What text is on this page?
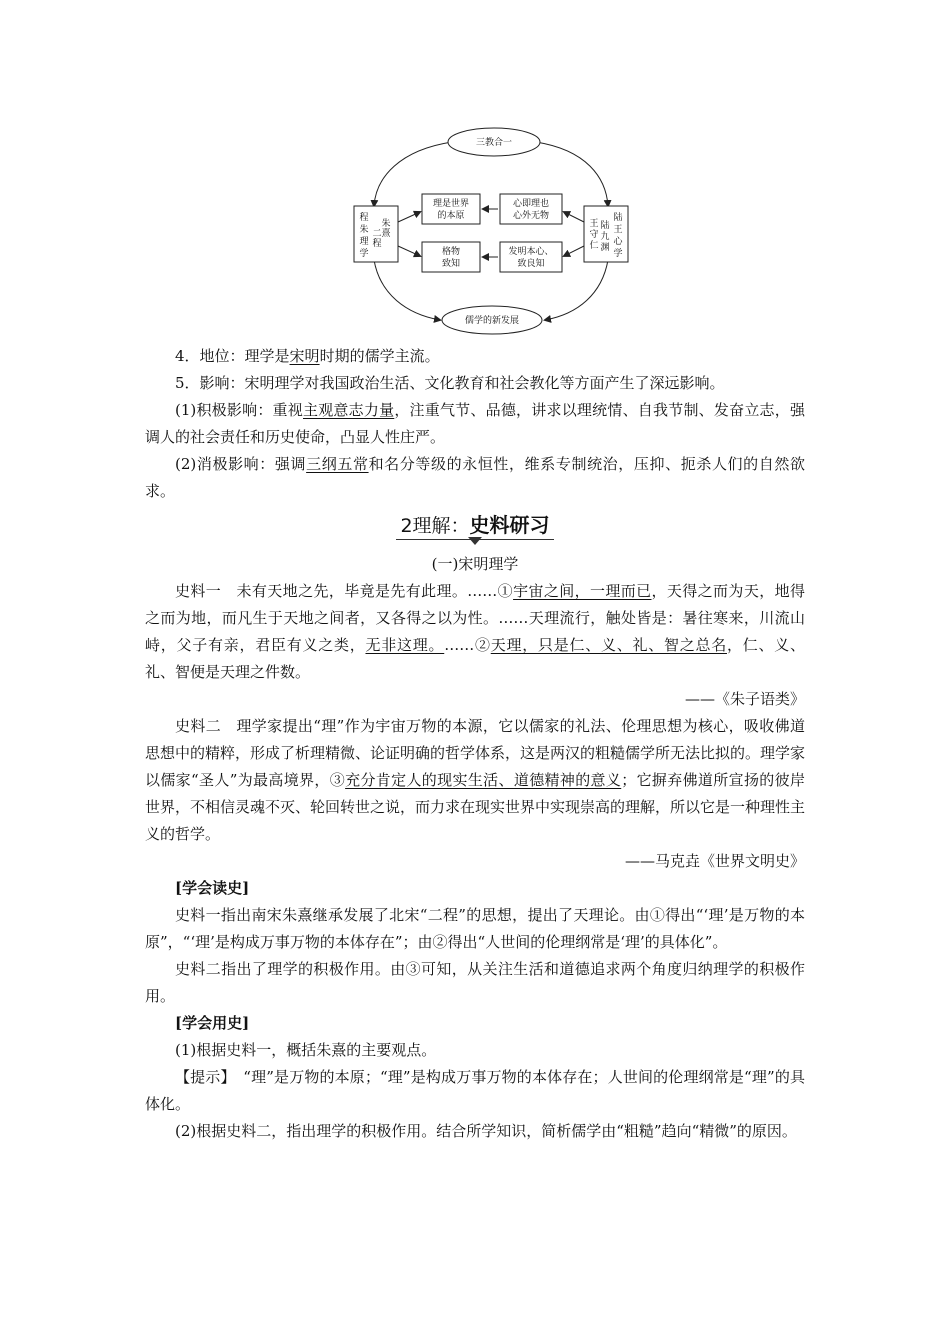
三教合一
儒学的新发展
程
朱
理
学
朱
熹
二
程
陆
王
心
学
陆
九
渊
王
守
仁
理是世界
的本原
心即理也
心外无物
格物
致知
发明本心、
致良知

4．地位：理学是宋明时期的儒学主流。

5．影响：宋明理学对我国政治生活、文化教育和社会教化等方面产生了深远影响。

(1)积极影响：重视主观意志力量，注重气节、品德，讲求以理统情、自我节制、发奋立志，强调人的社会责任和历史使命，凸显人性庄严。

(2)消极影响：强调三纲五常和名分等级的永恒性，维系专制统治，压抑、扼杀人们的自然欲求。

2理解：史料研习

(一)宋明理学

史料一　未有天地之先，毕竟是先有此理。……①宇宙之间，一理而已，天得之而为天，地得之而为地，而凡生于天地之间者，又各得之以为性。……天理流行，触处皆是：暑往寒来，川流山峙，父子有亲，君臣有义之类，无非这理。……②天理，只是仁、义、礼、智之总名，仁、义、礼、智便是天理之件数。

——《朱子语类》

史料二　理学家提出“理”作为宇宙万物的本源，它以儒家的礼法、伦理思想为核心，吸收佛道思想中的精粹，形成了析理精微、论证明确的哲学体系，这是两汉的粗糙儒学所无法比拟的。理学家以儒家“圣人”为最高境界，③充分肯定人的现实生活、道德精神的意义；它摒弃佛道所宣扬的彼岸世界，不相信灵魂不灭、轮回转世之说，而力求在现实世界中实现崇高的理解，所以它是一种理性主义的哲学。

——马克垚《世界文明史》

[学会读史]

史料一指出南宋朱熹继承发展了北宋“二程”的思想，提出了天理论。由①得出“‘理’是万物的本原”，“‘理’是构成万事万物的本体存在”；由②得出“人世间的伦理纲常是‘理’的具体化”。

史料二指出了理学的积极作用。由③可知，从关注生活和道德追求两个角度归纳理学的积极作用。

[学会用史]

(1)根据史料一，概括朱熹的主要观点。

【提示】　“理”是万物的本原；“理”是构成万事万物的本体存在；人世间的伦理纲常是“理”的具体化。

(2)根据史料二，指出理学的积极作用。结合所学知识，简析儒学由“粗糙”趋向“精微”的原因。
